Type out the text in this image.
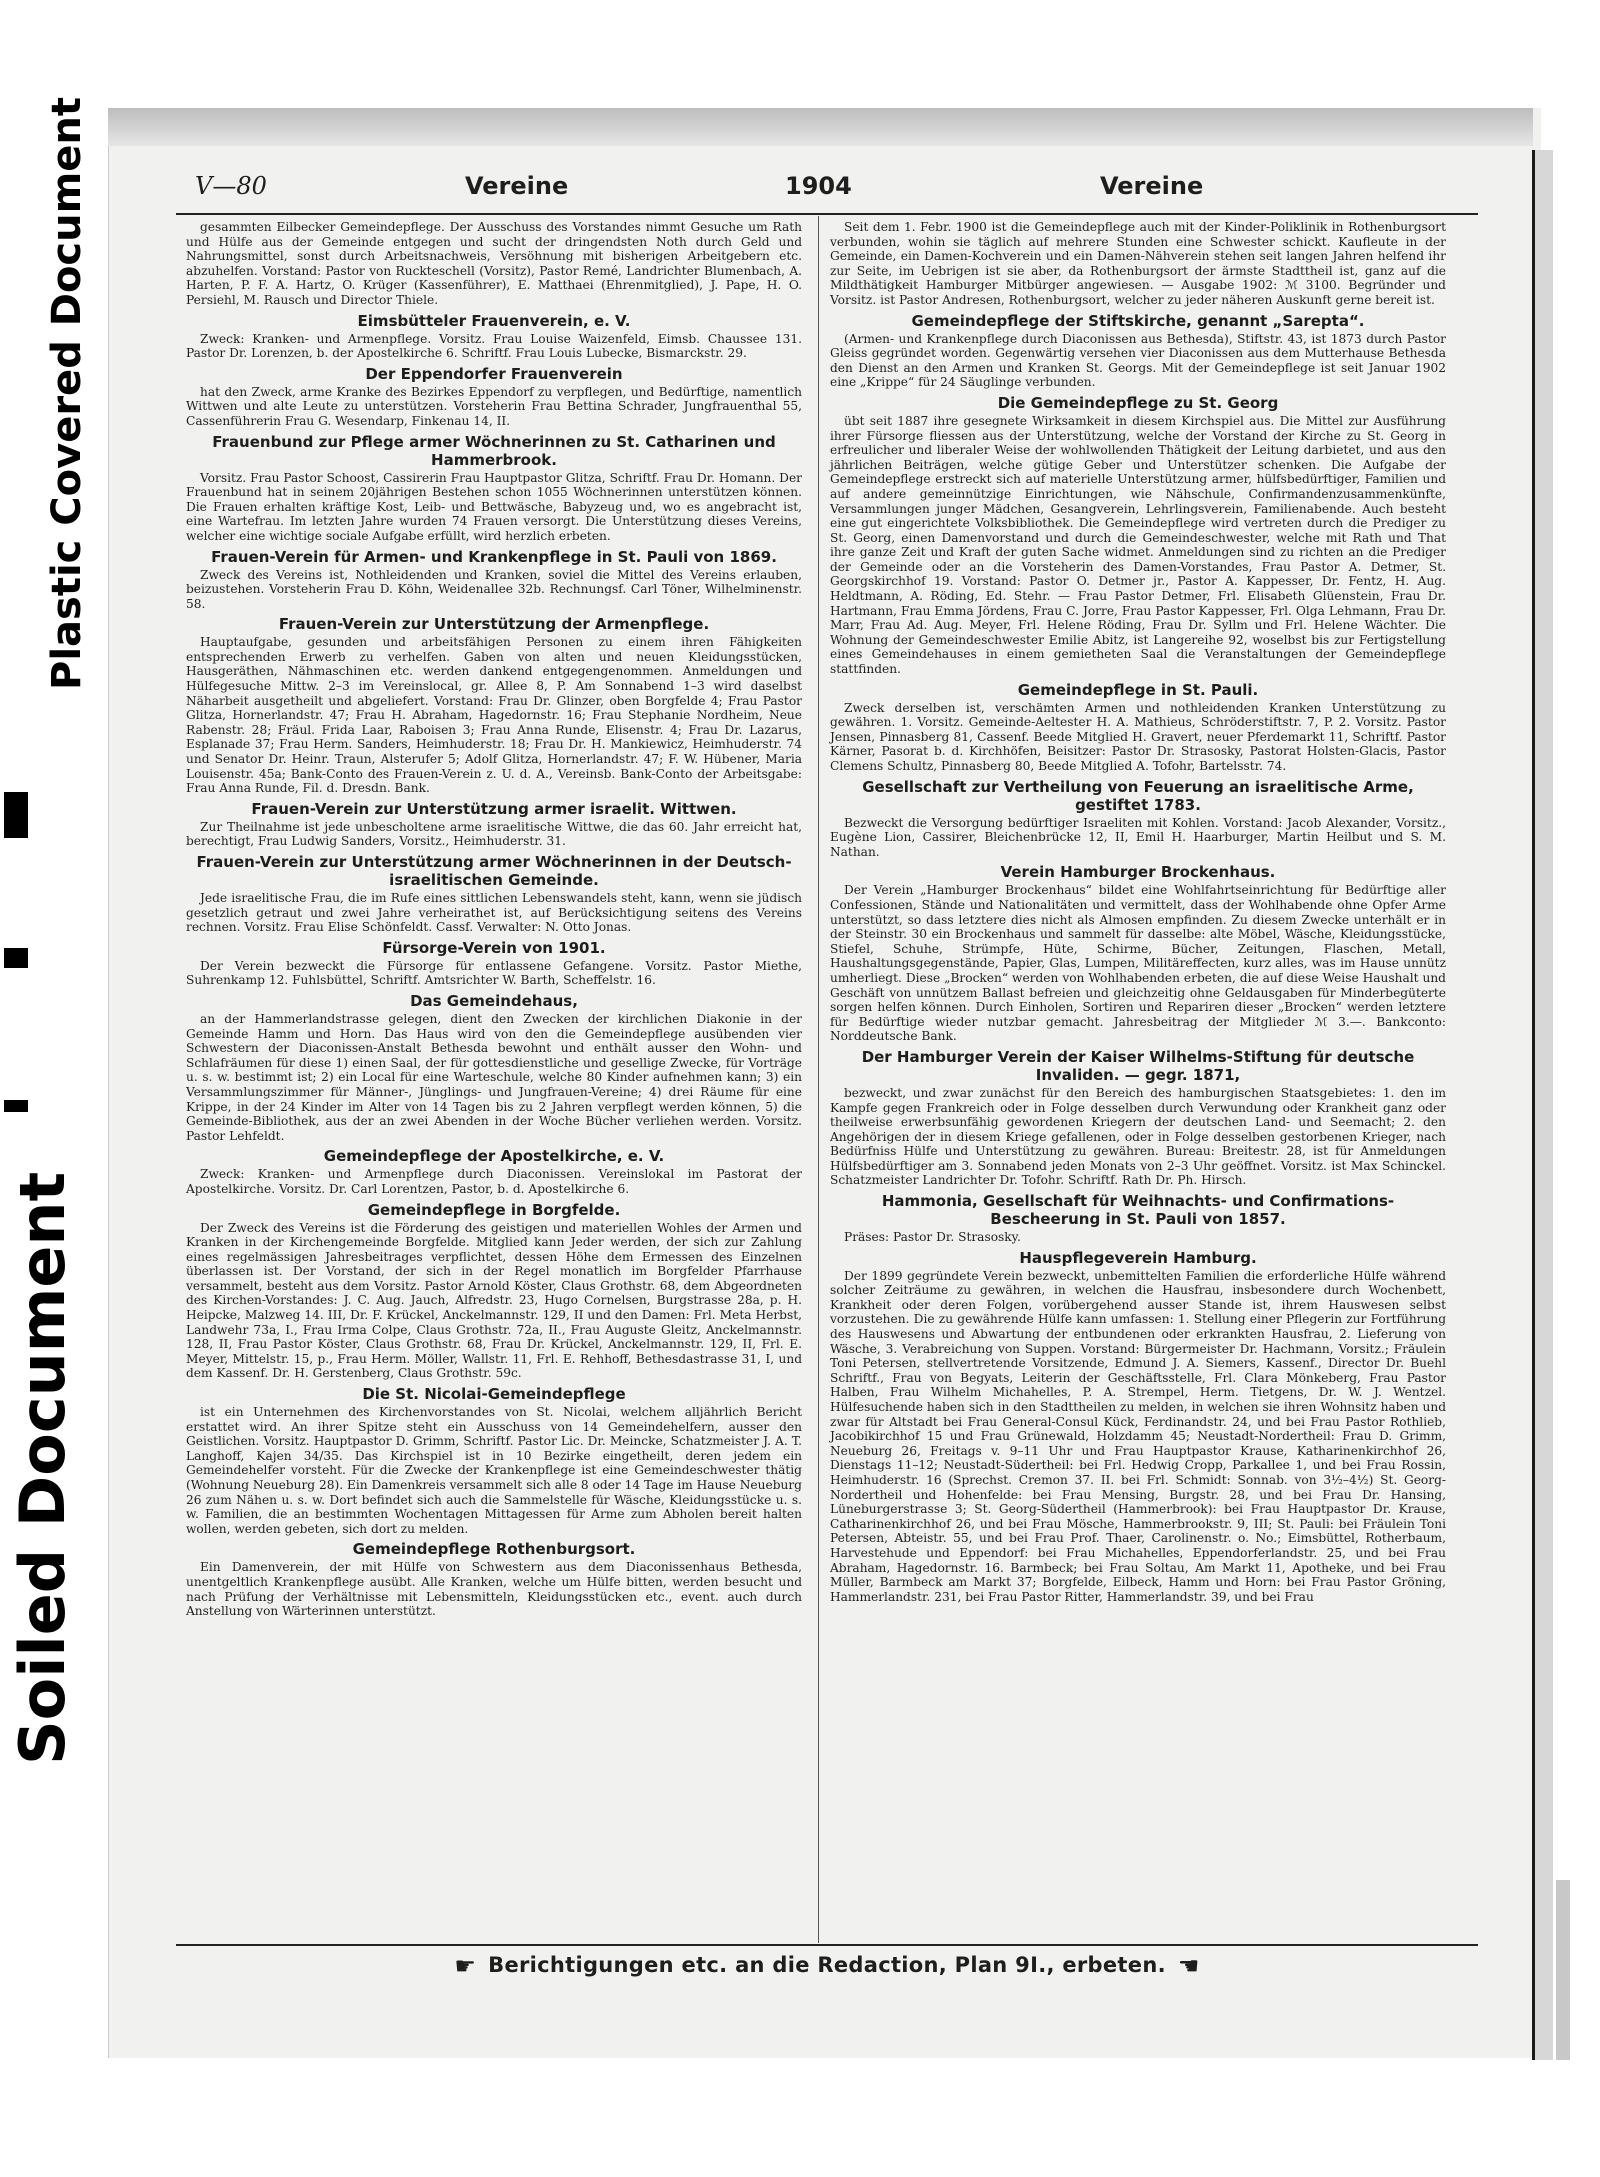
Plastic Covered Document
Soiled Document
V—80	Vereine	1904	Vereine

gesammten Eilbecker Gemeindepflege. Der Ausschuss des Vorstandes nimmt Gesuche um Rath und Hülfe aus der Gemeinde entgegen und sucht der dringendsten Noth durch Geld und Nahrungsmittel, sonst durch Arbeitsnachweis, Versöhnung mit bisherigen Arbeitgebern etc. abzuhelfen. Vorstand: Pastor von Ruckteschell (Vorsitz), Pastor Remé, Landrichter Blumenbach, A. Harten, P. F. A. Hartz, O. Krüger (Kassenführer), E. Matthaei (Ehrenmitglied), J. Pape, H. O. Persiehl, M. Rausch und Director Thiele.

Eimsbütteler Frauenverein, e. V.

Zweck: Kranken- und Armenpflege. Vorsitz. Frau Louise Waizenfeld, Eimsb. Chaussee 131. Pastor Dr. Lorenzen, b. der Apostelkirche 6. Schriftf. Frau Louis Lubecke, Bismarckstr. 29.

Der Eppendorfer Frauenverein

hat den Zweck, arme Kranke des Bezirkes Eppendorf zu verpflegen, und Bedürftige, namentlich Wittwen und alte Leute zu unterstützen. Vorsteherin Frau Bettina Schrader, Jungfrauenthal 55, Cassenführerin Frau G. Wesendarp, Finkenau 14, II.

Frauenbund zur Pflege armer Wöchnerinnen zu St. Catharinen und Hammerbrook.

Vorsitz. Frau Pastor Schoost, Cassirerin Frau Hauptpastor Glitza, Schriftf. Frau Dr. Homann. Der Frauenbund hat in seinem 20jährigen Bestehen schon 1055 Wöchnerinnen unterstützen können. Die Frauen erhalten kräftige Kost, Leib- und Bettwäsche, Babyzeug und, wo es angebracht ist, eine Wartefrau. Im letzten Jahre wurden 74 Frauen versorgt. Die Unterstützung dieses Vereins, welcher eine wichtige sociale Aufgabe erfüllt, wird herzlich erbeten.

Frauen-Verein für Armen- und Krankenpflege in St. Pauli von 1869.

Zweck des Vereins ist, Nothleidenden und Kranken, soviel die Mittel des Vereins erlauben, beizustehen. Vorsteherin Frau D. Köhn, Weidenallee 32b. Rechnungsf. Carl Töner, Wilhelminenstr. 58.

Frauen-Verein zur Unterstützung der Armenpflege.

Hauptaufgabe, gesunden und arbeitsfähigen Personen zu einem ihren Fähigkeiten entsprechenden Erwerb zu verhelfen. Gaben von alten und neuen Kleidungsstücken, Hausgeräthen, Nähmaschinen etc. werden dankend entgegengenommen. Anmeldungen und Hülfegesuche Mittw. 2–3 im Vereinslocal, gr. Allee 8, P. Am Sonnabend 1–3 wird daselbst Näharbeit ausgetheilt und abgeliefert. Vorstand: Frau Dr. Glinzer, oben Borgfelde 4; Frau Pastor Glitza, Hornerlandstr. 47; Frau H. Abraham, Hagedornstr. 16; Frau Stephanie Nordheim, Neue Rabenstr. 28; Fräul. Frida Laar, Raboisen 3; Frau Anna Runde, Elisenstr. 4; Frau Dr. Lazarus, Esplanade 37; Frau Herm. Sanders, Heimhuderstr. 18; Frau Dr. H. Mankiewicz, Heimhuderstr. 74 und Senator Dr. Heinr. Traun, Alsterufer 5; Adolf Glitza, Hornerlandstr. 47; F. W. Hübener, Maria Louisenstr. 45a; Bank-Conto des Frauen-Verein z. U. d. A., Vereinsb. Bank-Conto der Arbeitsgabe: Frau Anna Runde, Fil. d. Dresdn. Bank.

Frauen-Verein zur Unterstützung armer israelit. Wittwen.

Zur Theilnahme ist jede unbescholtene arme israelitische Wittwe, die das 60. Jahr erreicht hat, berechtigt, Frau Ludwig Sanders, Vorsitz., Heimhuderstr. 31.

Frauen-Verein zur Unterstützung armer Wöchnerinnen in der Deutsch-israelitischen Gemeinde.

Jede israelitische Frau, die im Rufe eines sittlichen Lebenswandels steht, kann, wenn sie jüdisch gesetzlich getraut und zwei Jahre verheirathet ist, auf Berücksichtigung seitens des Vereins rechnen. Vorsitz. Frau Elise Schönfeldt. Cassf. Verwalter: N. Otto Jonas.

Fürsorge-Verein von 1901.

Der Verein bezweckt die Fürsorge für entlassene Gefangene. Vorsitz. Pastor Miethe, Suhrenkamp 12. Fuhlsbüttel, Schriftf. Amtsrichter W. Barth, Scheffelstr. 16.

Das Gemeindehaus,

an der Hammerlandstrasse gelegen, dient den Zwecken der kirchlichen Diakonie in der Gemeinde Hamm und Horn. Das Haus wird von den die Gemeindepflege ausübenden vier Schwestern der Diaconissen-Anstalt Bethesda bewohnt und enthält ausser den Wohn- und Schlafräumen für diese 1) einen Saal, der für gottesdienstliche und gesellige Zwecke, für Vorträge u. s. w. bestimmt ist; 2) ein Local für eine Warteschule, welche 80 Kinder aufnehmen kann; 3) ein Versammlungszimmer für Männer-, Jünglings- und Jungfrauen-Vereine; 4) drei Räume für eine Krippe, in der 24 Kinder im Alter von 14 Tagen bis zu 2 Jahren verpflegt werden können, 5) die Gemeinde-Bibliothek, aus der an zwei Abenden in der Woche Bücher verliehen werden. Vorsitz. Pastor Lehfeldt.

Gemeindepflege der Apostelkirche, e. V.

Zweck: Kranken- und Armenpflege durch Diaconissen. Vereinslokal im Pastorat der Apostelkirche. Vorsitz. Dr. Carl Lorentzen, Pastor, b. d. Apostelkirche 6.

Gemeindepflege in Borgfelde.

Der Zweck des Vereins ist die Förderung des geistigen und materiellen Wohles der Armen und Kranken in der Kirchengemeinde Borgfelde. Mitglied kann Jeder werden, der sich zur Zahlung eines regelmässigen Jahresbeitrages verpflichtet, dessen Höhe dem Ermessen des Einzelnen überlassen ist. Der Vorstand, der sich in der Regel monatlich im Borgfelder Pfarrhause versammelt, besteht aus dem Vorsitz. Pastor Arnold Köster, Claus Grothstr. 68, dem Abgeordneten des Kirchen-Vorstandes: J. C. Aug. Jauch, Alfredstr. 23, Hugo Cornelsen, Burgstrasse 28a, p. H. Heipcke, Malzweg 14. III, Dr. F. Krückel, Anckelmannstr. 129, II und den Damen: Frl. Meta Herbst, Landwehr 73a, I., Frau Irma Colpe, Claus Grothstr. 72a, II., Frau Auguste Gleitz, Anckelmannstr. 128, II, Frau Pastor Köster, Claus Grothstr. 68, Frau Dr. Krückel, Anckelmannstr. 129, II, Frl. E. Meyer, Mittelstr. 15, p., Frau Herm. Möller, Wallstr. 11, Frl. E. Rehhoff, Bethesdastrasse 31, I, und dem Kassenf. Dr. H. Gerstenberg, Claus Grothstr. 59c.

Die St. Nicolai-Gemeindepflege

ist ein Unternehmen des Kirchenvorstandes von St. Nicolai, welchem alljährlich Bericht erstattet wird. An ihrer Spitze steht ein Ausschuss von 14 Gemeindehelfern, ausser den Geistlichen. Vorsitz. Hauptpastor D. Grimm, Schriftf. Pastor Lic. Dr. Meincke, Schatzmeister J. A. T. Langhoff, Kajen 34/35. Das Kirchspiel ist in 10 Bezirke eingetheilt, deren jedem ein Gemeindehelfer vorsteht. Für die Zwecke der Krankenpflege ist eine Gemeindeschwester thätig (Wohnung Neueburg 28). Ein Damenkreis versammelt sich alle 8 oder 14 Tage im Hause Neueburg 26 zum Nähen u. s. w. Dort befindet sich auch die Sammelstelle für Wäsche, Kleidungsstücke u. s. w. Familien, die an bestimmten Wochentagen Mittagessen für Arme zum Abholen bereit halten wollen, werden gebeten, sich dort zu melden.

Gemeindepflege Rothenburgsort.

Ein Damenverein, der mit Hülfe von Schwestern aus dem Diaconissenhaus Bethesda, unentgeltlich Krankenpflege ausübt. Alle Kranken, welche um Hülfe bitten, werden besucht und nach Prüfung der Verhältnisse mit Lebensmitteln, Kleidungsstücken etc., event. auch durch Anstellung von Wärterinnen unterstützt.

Seit dem 1. Febr. 1900 ist die Gemeindepflege auch mit der Kinder-Poliklinik in Rothenburgsort verbunden, wohin sie täglich auf mehrere Stunden eine Schwester schickt. Kaufleute in der Gemeinde, ein Damen-Kochverein und ein Damen-Nähverein stehen seit langen Jahren helfend ihr zur Seite, im Uebrigen ist sie aber, da Rothenburgsort der ärmste Stadttheil ist, ganz auf die Mildthätigkeit Hamburger Mitbürger angewiesen. — Ausgabe 1902: ℳ 3100. Begründer und Vorsitz. ist Pastor Andresen, Rothenburgsort, welcher zu jeder näheren Auskunft gerne bereit ist.

Gemeindepflege der Stiftskirche, genannt „Sarepta“.

(Armen- und Krankenpflege durch Diaconissen aus Bethesda), Stiftstr. 43, ist 1873 durch Pastor Gleiss gegründet worden. Gegenwärtig versehen vier Diaconissen aus dem Mutterhause Bethesda den Dienst an den Armen und Kranken St. Georgs. Mit der Gemeindepflege ist seit Januar 1902 eine „Krippe“ für 24 Säuglinge verbunden.

Die Gemeindepflege zu St. Georg

übt seit 1887 ihre gesegnete Wirksamkeit in diesem Kirchspiel aus. Die Mittel zur Ausführung ihrer Fürsorge fliessen aus der Unterstützung, welche der Vorstand der Kirche zu St. Georg in erfreulicher und liberaler Weise der wohlwollenden Thätigkeit der Leitung darbietet, und aus den jährlichen Beiträgen, welche gütige Geber und Unterstützer schenken. Die Aufgabe der Gemeindepflege erstreckt sich auf materielle Unterstützung armer, hülfsbedürftiger, Familien und auf andere gemeinnützige Einrichtungen, wie Nähschule, Confirmandenzusammenkünfte, Versammlungen junger Mädchen, Gesangverein, Lehrlingsverein, Familienabende. Auch besteht eine gut eingerichtete Volksbibliothek. Die Gemeindepflege wird vertreten durch die Prediger zu St. Georg, einen Damenvorstand und durch die Gemeindeschwester, welche mit Rath und That ihre ganze Zeit und Kraft der guten Sache widmet. Anmeldungen sind zu richten an die Prediger der Gemeinde oder an die Vorsteherin des Damen-Vorstandes, Frau Pastor A. Detmer, St. Georgskirchhof 19. Vorstand: Pastor O. Detmer jr., Pastor A. Kappesser, Dr. Fentz, H. Aug. Heldtmann, A. Röding, Ed. Stehr. — Frau Pastor Detmer, Frl. Elisabeth Glüenstein, Frau Dr. Hartmann, Frau Emma Jördens, Frau C. Jorre, Frau Pastor Kappesser, Frl. Olga Lehmann, Frau Dr. Marr, Frau Ad. Aug. Meyer, Frl. Helene Röding, Frau Dr. Syllm und Frl. Helene Wächter. Die Wohnung der Gemeindeschwester Emilie Abitz, ist Langereihe 92, woselbst bis zur Fertigstellung eines Gemeindehauses in einem gemietheten Saal die Veranstaltungen der Gemeindepflege stattfinden.

Gemeindepflege in St. Pauli.

Zweck derselben ist, verschämten Armen und nothleidenden Kranken Unterstützung zu gewähren. 1. Vorsitz. Gemeinde-Aeltester H. A. Mathieus, Schröderstiftstr. 7, P. 2. Vorsitz. Pastor Jensen, Pinnasberg 81, Cassenf. Beede Mitglied H. Gravert, neuer Pferdemarkt 11, Schriftf. Pastor Kärner, Pasorat b. d. Kirchhöfen, Beisitzer: Pastor Dr. Strasosky, Pastorat Holsten-Glacis, Pastor Clemens Schultz, Pinnasberg 80, Beede Mitglied A. Tofohr, Bartelsstr. 74.

Gesellschaft zur Vertheilung von Feuerung an israelitische Arme, gestiftet 1783.

Bezweckt die Versorgung bedürftiger Israeliten mit Kohlen. Vorstand: Jacob Alexander, Vorsitz., Eugène Lion, Cassirer, Bleichenbrücke 12, II, Emil H. Haarburger, Martin Heilbut und S. M. Nathan.

Verein Hamburger Brockenhaus.

Der Verein „Hamburger Brockenhaus“ bildet eine Wohlfahrtseinrichtung für Bedürftige aller Confessionen, Stände und Nationalitäten und vermittelt, dass der Wohlhabende ohne Opfer Arme unterstützt, so dass letztere dies nicht als Almosen empfinden. Zu diesem Zwecke unterhält er in der Steinstr. 30 ein Brockenhaus und sammelt für dasselbe: alte Möbel, Wäsche, Kleidungsstücke, Stiefel, Schuhe, Strümpfe, Hüte, Schirme, Bücher, Zeitungen, Flaschen, Metall, Haushaltungsgegenstände, Papier, Glas, Lumpen, Militäreffecten, kurz alles, was im Hause unnütz umherliegt. Diese „Brocken“ werden von Wohlhabenden erbeten, die auf diese Weise Haushalt und Geschäft von unnützem Ballast befreien und gleichzeitig ohne Geldausgaben für Minderbegüterte sorgen helfen können. Durch Einholen, Sortiren und Repariren dieser „Brocken“ werden letztere für Bedürftige wieder nutzbar gemacht. Jahresbeitrag der Mitglieder ℳ 3.—. Bankconto: Norddeutsche Bank.

Der Hamburger Verein der Kaiser Wilhelms-Stiftung für deutsche Invaliden. — gegr. 1871,

bezweckt, und zwar zunächst für den Bereich des hamburgischen Staatsgebietes: 1. den im Kampfe gegen Frankreich oder in Folge desselben durch Verwundung oder Krankheit ganz oder theilweise erwerbsunfähig gewordenen Kriegern der deutschen Land- und Seemacht; 2. den Angehörigen der in diesem Kriege gefallenen, oder in Folge desselben gestorbenen Krieger, nach Bedürfniss Hülfe und Unterstützung zu gewähren. Bureau: Breitestr. 28, ist für Anmeldungen Hülfsbedürftiger am 3. Sonnabend jeden Monats von 2–3 Uhr geöffnet. Vorsitz. ist Max Schinckel. Schatzmeister Landrichter Dr. Tofohr. Schriftf. Rath Dr. Ph. Hirsch.

Hammonia, Gesellschaft für Weihnachts- und Confirmations-Bescheerung in St. Pauli von 1857.

Präses: Pastor Dr. Strasosky.

Hauspflegeverein Hamburg.

Der 1899 gegründete Verein bezweckt, unbemittelten Familien die erforderliche Hülfe während solcher Zeiträume zu gewähren, in welchen die Hausfrau, insbesondere durch Wochenbett, Krankheit oder deren Folgen, vorübergehend ausser Stande ist, ihrem Hauswesen selbst vorzustehen. Die zu gewährende Hülfe kann umfassen: 1. Stellung einer Pflegerin zur Fortführung des Hauswesens und Abwartung der entbundenen oder erkrankten Hausfrau, 2. Lieferung von Wäsche, 3. Verabreichung von Suppen. Vorstand: Bürgermeister Dr. Hachmann, Vorsitz.; Fräulein Toni Petersen, stellvertretende Vorsitzende, Edmund J. A. Siemers, Kassenf., Director Dr. Buehl Schriftf., Frau von Begyats, Leiterin der Geschäftsstelle, Frl. Clara Mönkeberg, Frau Pastor Halben, Frau Wilhelm Michahelles, P. A. Strempel, Herm. Tietgens, Dr. W. J. Wentzel. Hülfesuchende haben sich in den Stadttheilen zu melden, in welchen sie ihren Wohnsitz haben und zwar für Altstadt bei Frau General-Consul Kück, Ferdinandstr. 24, und bei Frau Pastor Rothlieb, Jacobikirchhof 15 und Frau Grünewald, Holzdamm 45; Neustadt-Nordertheil: Frau D. Grimm, Neueburg 26, Freitags v. 9–11 Uhr und Frau Hauptpastor Krause, Katharinenkirchhof 26, Dienstags 11–12; Neustadt-Südertheil: bei Frl. Hedwig Cropp, Parkallee 1, und bei Frau Rossin, Heimhuderstr. 16 (Sprechst. Cremon 37. II. bei Frl. Schmidt: Sonnab. von 3½–4½) St. Georg-Nordertheil und Hohenfelde: bei Frau Mensing, Burgstr. 28, und bei Frau Dr. Hansing, Lüneburgerstrasse 3; St. Georg-Südertheil (Hammerbrook): bei Frau Hauptpastor Dr. Krause, Catharinenkirchhof 26, und bei Frau Mösche, Hammerbrookstr. 9, III; St. Pauli: bei Fräulein Toni Petersen, Abteistr. 55, und bei Frau Prof. Thaer, Carolinenstr. o. No.; Eimsbüttel, Rotherbaum, Harvestehude und Eppendorf: bei Frau Michahelles, Eppendorferlandstr. 25, und bei Frau Abraham, Hagedornstr. 16. Barmbeck; bei Frau Soltau, Am Markt 11, Apotheke, und bei Frau Müller, Barmbeck am Markt 37; Borgfelde, Eilbeck, Hamm und Horn: bei Frau Pastor Gröning, Hammerlandstr. 231, bei Frau Pastor Ritter, Hammerlandstr. 39, und bei Frau

☛ Berichtigungen etc. an die Redaction, Plan 9I., erbeten. ☚
